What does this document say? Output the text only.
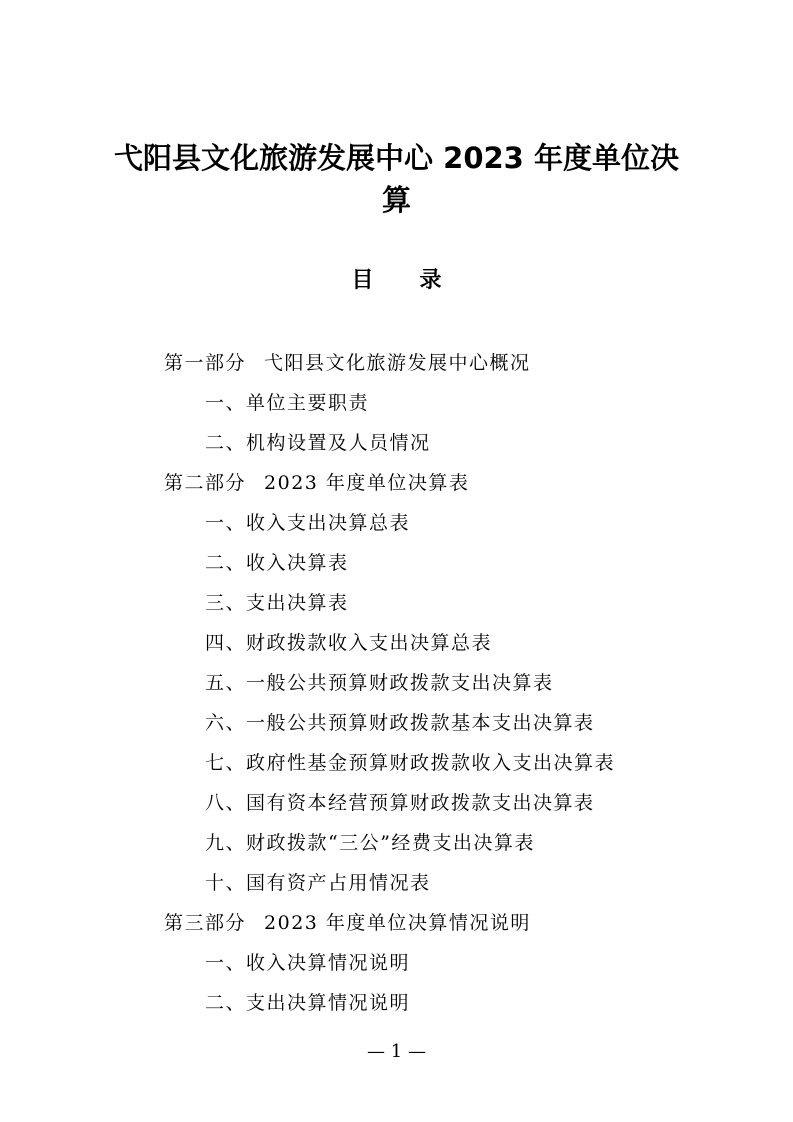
弋阳县文化旅游发展中心 2023 年度单位决
算
目录
第一部分 弋阳县文化旅游发展中心概况
一、单位主要职责
二、机构设置及人员情况
第二部分 2023 年度单位决算表
一、收入支出决算总表
二、收入决算表
三、支出决算表
四、财政拨款收入支出决算总表
五、一般公共预算财政拨款支出决算表
六、一般公共预算财政拨款基本支出决算表
七、政府性基金预算财政拨款收入支出决算表
八、国有资本经营预算财政拨款支出决算表
九、财政拨款“三公”经费支出决算表
十、国有资产占用情况表
第三部分 2023 年度单位决算情况说明
一、收入决算情况说明
二、支出决算情况说明
— 1 —
